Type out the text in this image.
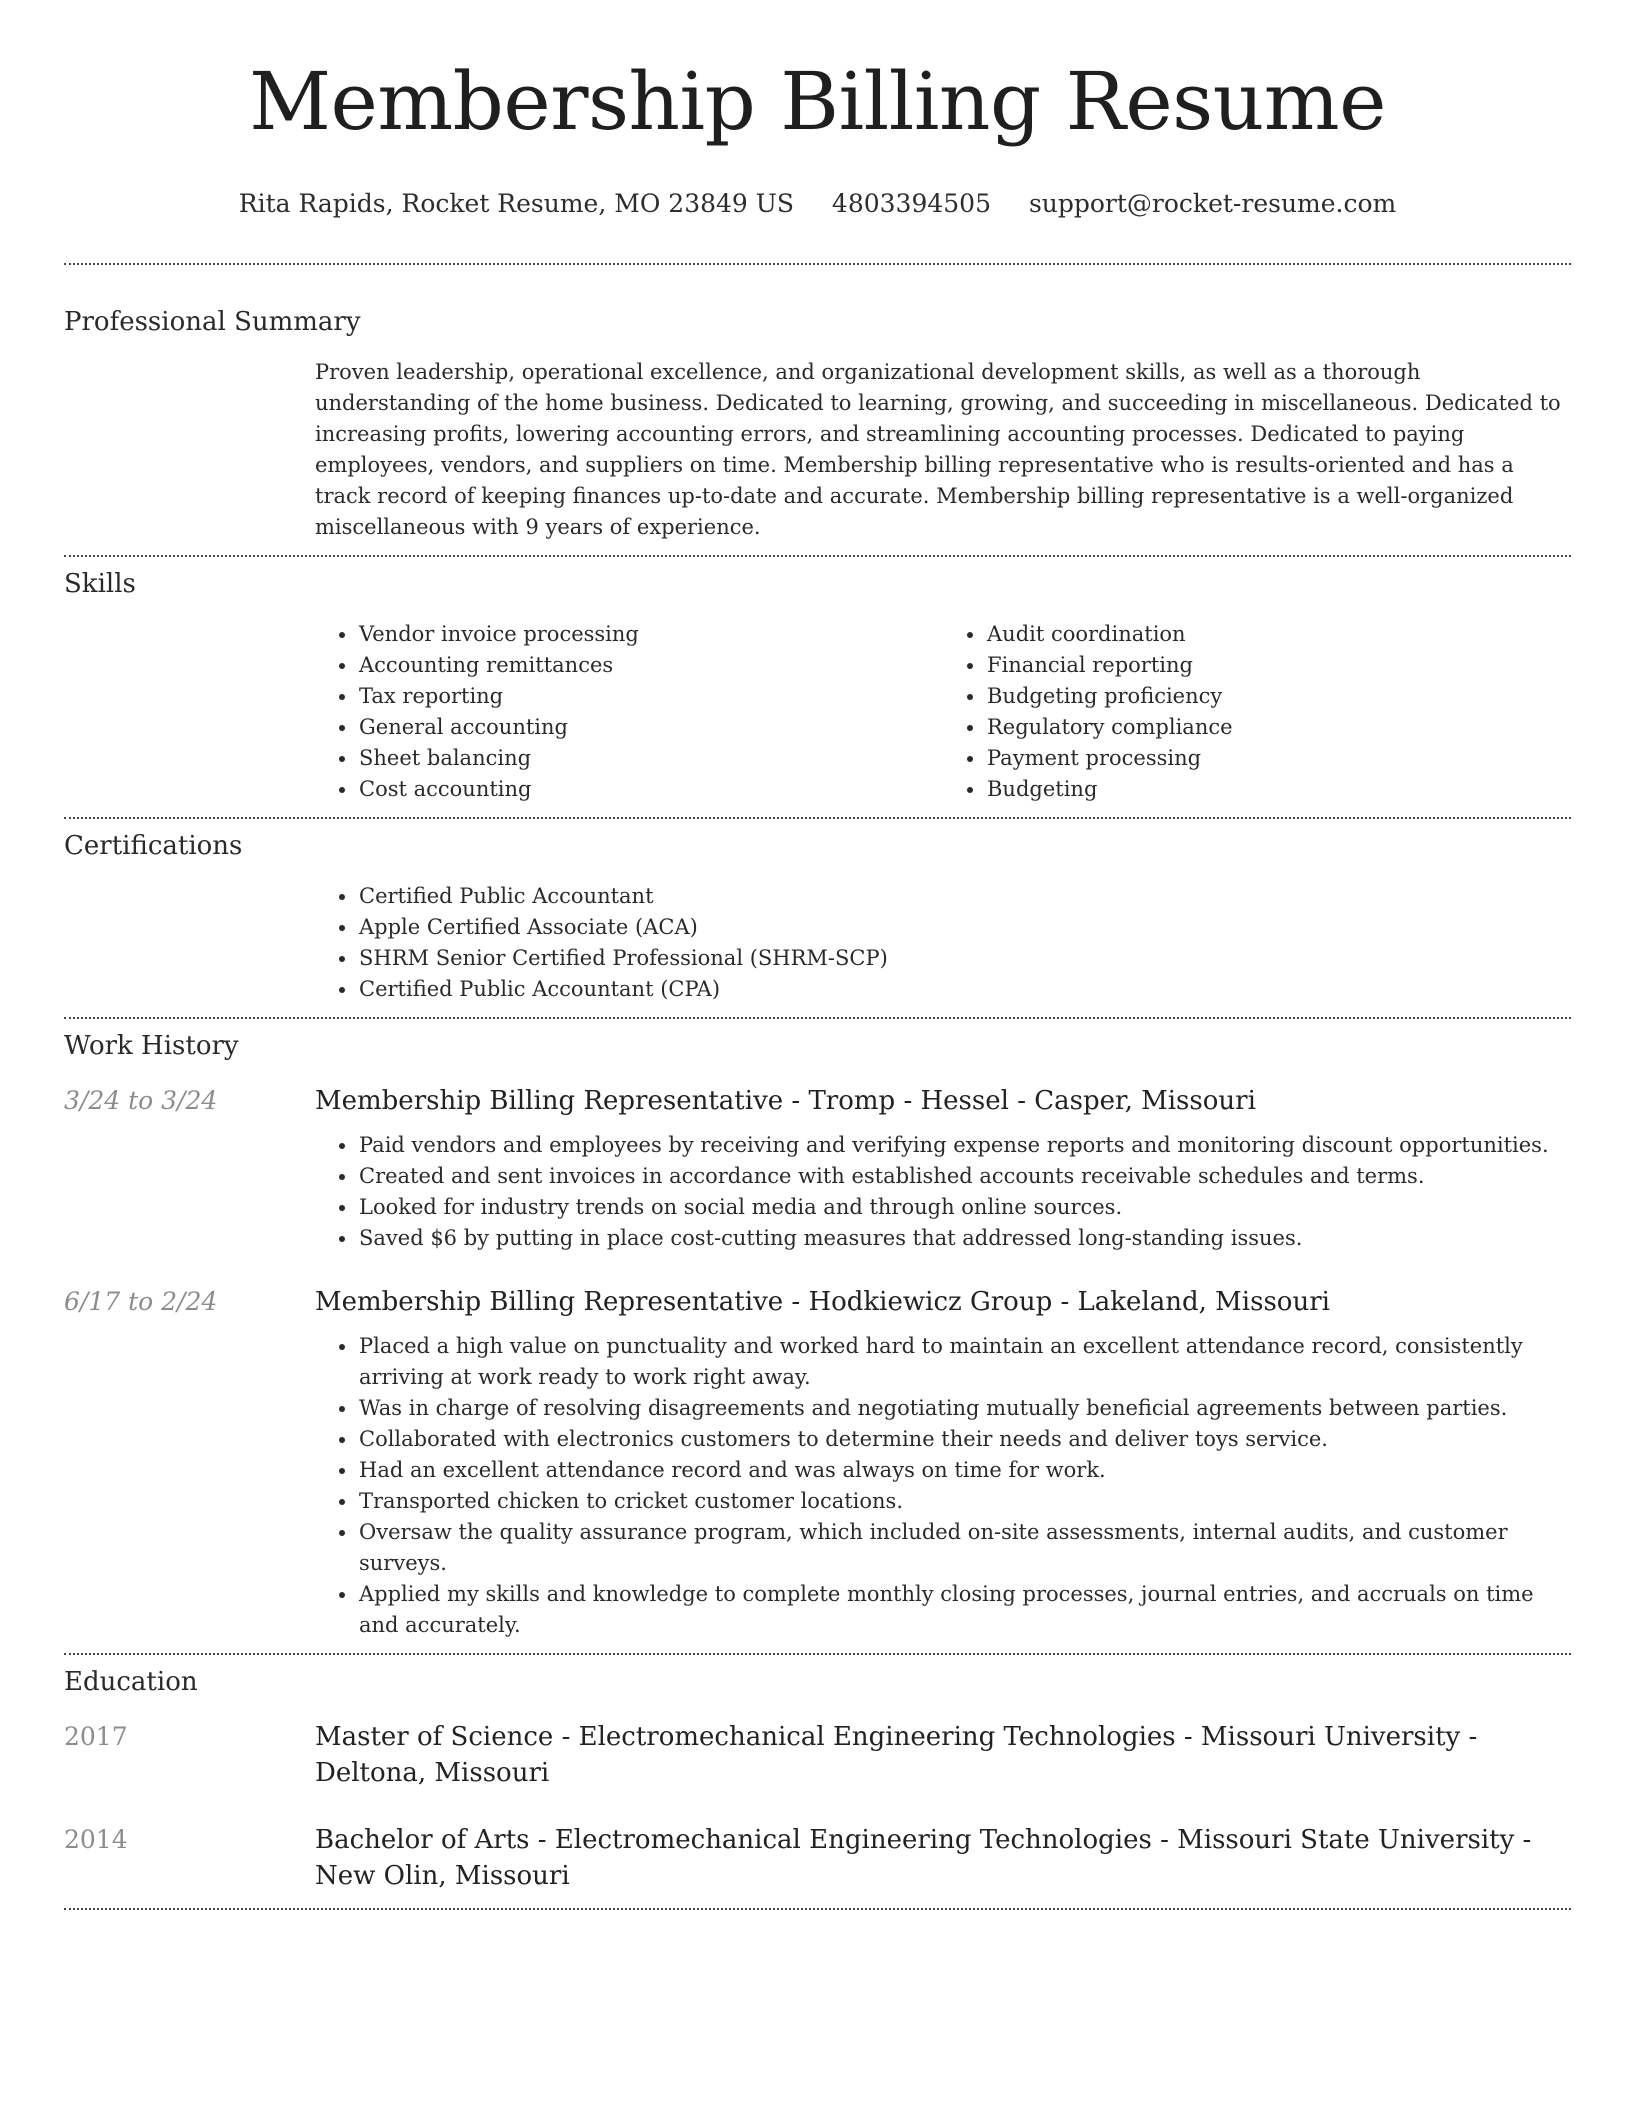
Membership Billing Resume
Rita Rapids, Rocket Resume, MO 23849 US 4803394505 support@rocket-resume.com
Professional Summary

Proven leadership, operational excellence, and organizational development skills, as well as a thorough understanding of the home business. Dedicated to learning, growing, and succeeding in miscellaneous. Dedicated to increasing profits, lowering accounting errors, and streamlining accounting processes. Dedicated to paying employees, vendors, and suppliers on time. Membership billing representative who is results-oriented and has a track record of keeping finances up-to-date and accurate. Membership billing representative is a well-organized miscellaneous with 9 years of experience.

Skills
• Vendor invoice processing
• Accounting remittances
• Tax reporting
• General accounting
• Sheet balancing
• Cost accounting
• Audit coordination
• Financial reporting
• Budgeting proficiency
• Regulatory compliance
• Payment processing
• Budgeting
Certifications
• Certified Public Accountant
• Apple Certified Associate (ACA)
• SHRM Senior Certified Professional (SHRM-SCP)
• Certified Public Accountant (CPA)
Work History
3/24 to 3/24	Membership Billing Representative - Tromp - Hessel - Casper, Missouri

• Paid vendors and employees by receiving and verifying expense reports and monitoring discount opportunities.
• Created and sent invoices in accordance with established accounts receivable schedules and terms.
• Looked for industry trends on social media and through online sources.
• Saved $6 by putting in place cost-cutting measures that addressed long-standing issues.
6/17 to 2/24	Membership Billing Representative - Hodkiewicz Group - Lakeland, Missouri

• Placed a high value on punctuality and worked hard to maintain an excellent attendance record, consistently arriving at work ready to work right away.
• Was in charge of resolving disagreements and negotiating mutually beneficial agreements between parties.
• Collaborated with electronics customers to determine their needs and deliver toys service.
• Had an excellent attendance record and was always on time for work.
• Transported chicken to cricket customer locations.
• Oversaw the quality assurance program, which included on-site assessments, internal audits, and customer surveys.
• Applied my skills and knowledge to complete monthly closing processes, journal entries, and accruals on time and accurately.
Education
2017	Master of Science - Electromechanical Engineering Technologies - Missouri University - Deltona, Missouri

2014	Bachelor of Arts - Electromechanical Engineering Technologies - Missouri State University - New Olin, Missouri
